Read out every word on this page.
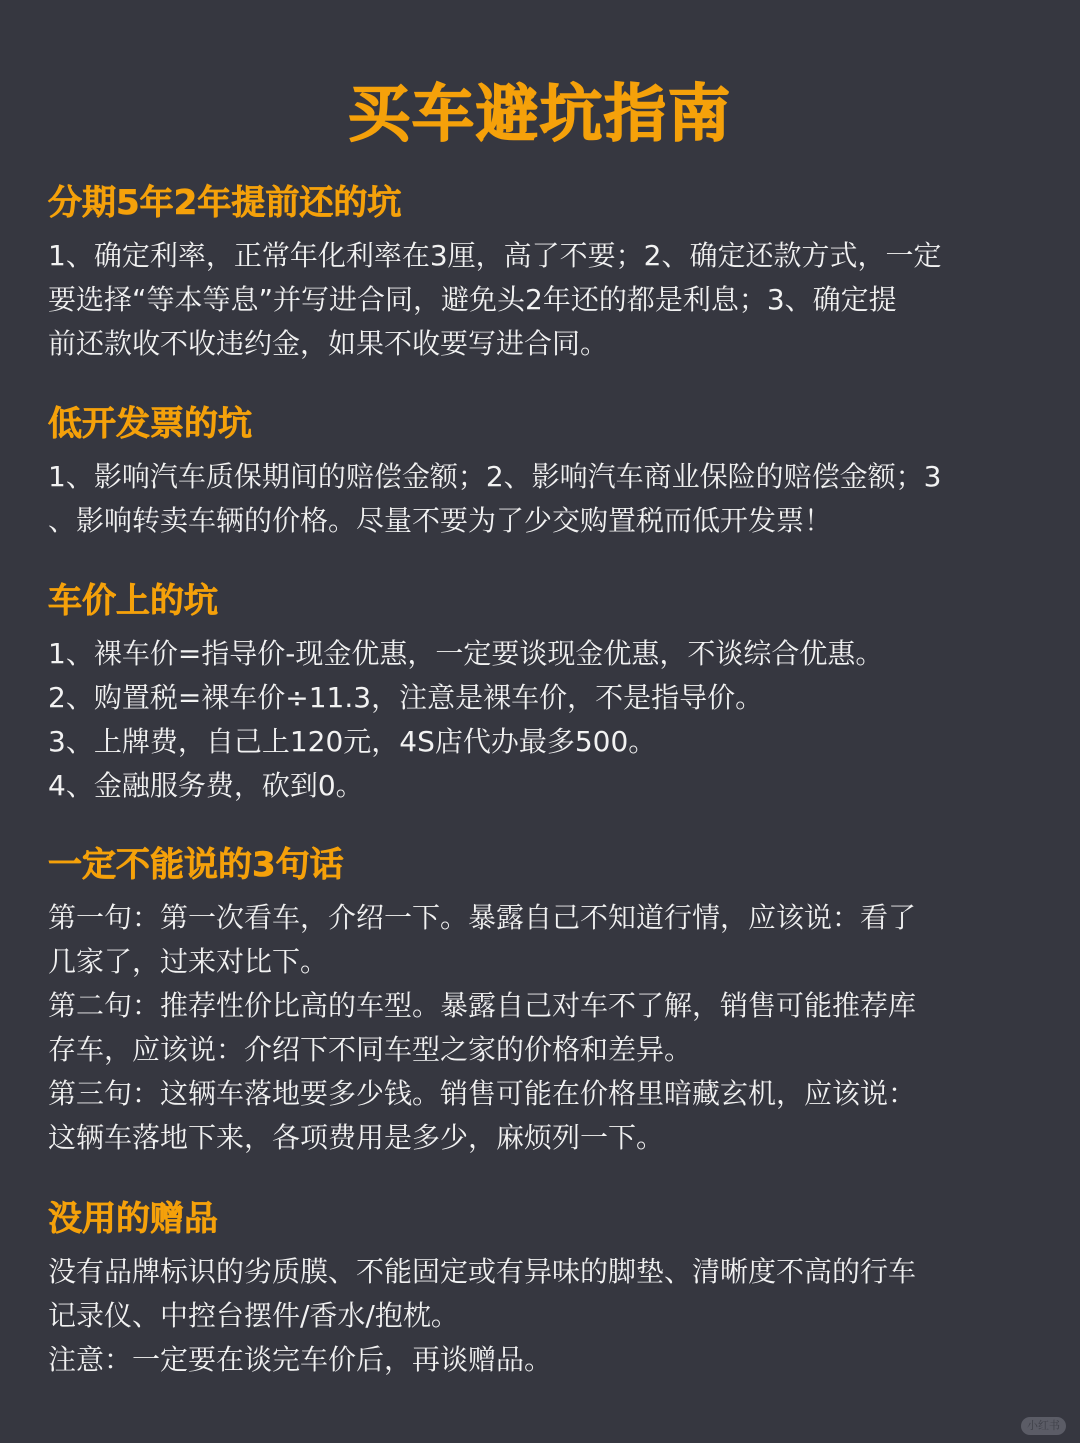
买车避坑指南
分期5年2年提前还的坑
1、确定利率，正常年化利率在3厘，高了不要；2、确定还款方式，一定
要选择“等本等息”并写进合同，避免头2年还的都是利息；3、确定提
前还款收不收违约金，如果不收要写进合同。
低开发票的坑
1、影响汽车质保期间的赔偿金额；2、影响汽车商业保险的赔偿金额；3
、影响转卖车辆的价格。尽量不要为了少交购置税而低开发票！
车价上的坑
1、裸车价=指导价-现金优惠，一定要谈现金优惠，不谈综合优惠。
2、购置税=裸车价÷11.3，注意是裸车价，不是指导价。
3、上牌费，自己上120元，4S店代办最多500。
4、金融服务费，砍到0。
一定不能说的3句话
第一句：第一次看车，介绍一下。暴露自己不知道行情，应该说：看了
几家了，过来对比下。
第二句：推荐性价比高的车型。暴露自己对车不了解，销售可能推荐库
存车，应该说：介绍下不同车型之家的价格和差异。
第三句：这辆车落地要多少钱。销售可能在价格里暗藏玄机，应该说：
这辆车落地下来，各项费用是多少，麻烦列一下。
没用的赠品
没有品牌标识的劣质膜、不能固定或有异味的脚垫、清晰度不高的行车
记录仪、中控台摆件/香水/抱枕。
注意：一定要在谈完车价后，再谈赠品。
小红书
